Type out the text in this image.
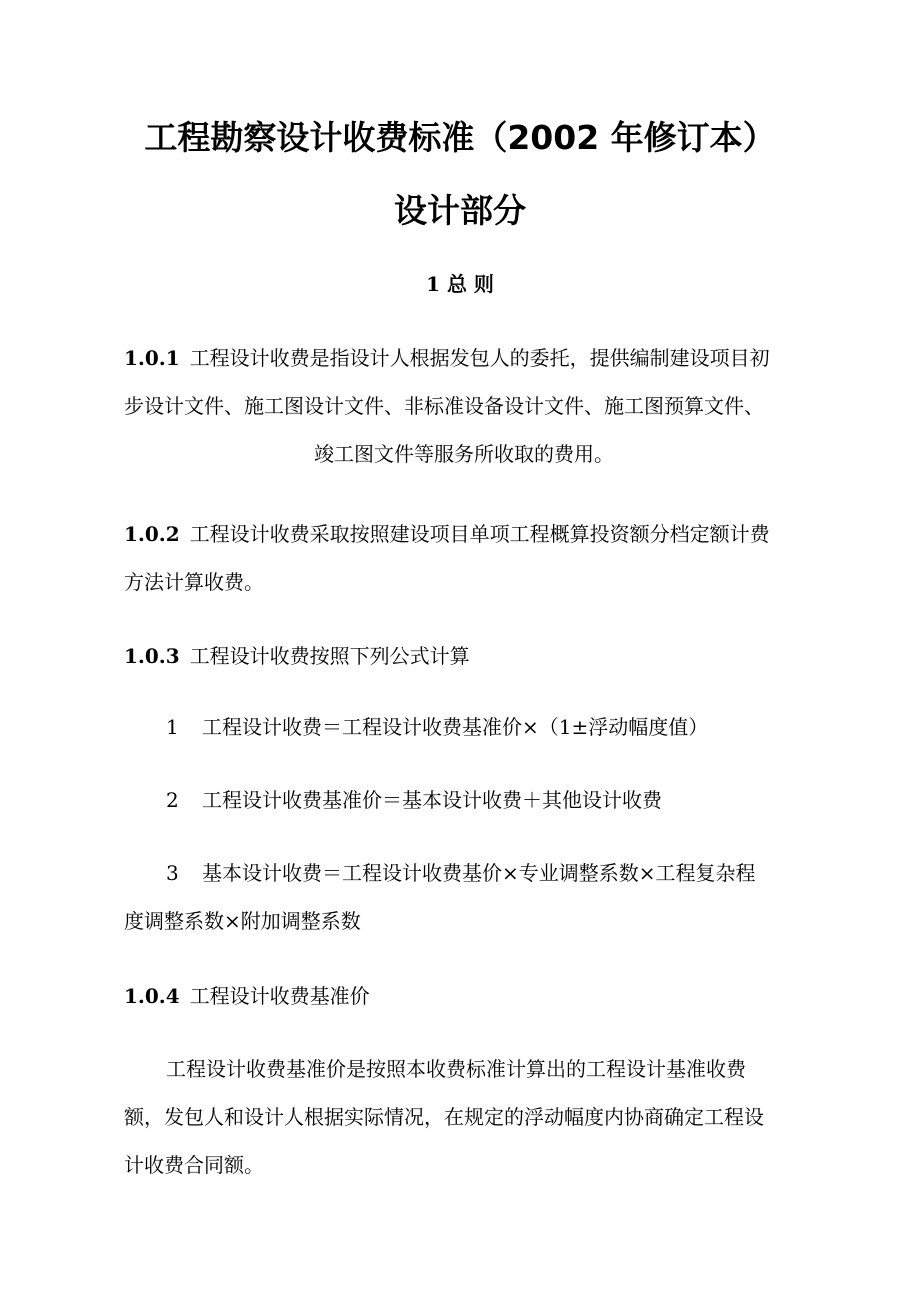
工程勘察设计收费标准（2002 年修订本）
设计部分
1 总 则
1.0.1 工程设计收费是指设计人根据发包人的委托，提供编制建设项目初
步设计文件、施工图设计文件、非标准设备设计文件、施工图预算文件、
竣工图文件等服务所收取的费用。
1.0.2 工程设计收费采取按照建设项目单项工程概算投资额分档定额计费
方法计算收费。
1.0.3 工程设计收费按照下列公式计算
1 工程设计收费＝工程设计收费基准价×（1±浮动幅度值）
2 工程设计收费基准价＝基本设计收费＋其他设计收费
3 基本设计收费＝工程设计收费基价×专业调整系数×工程复杂程
度调整系数×附加调整系数
1.0.4 工程设计收费基准价
工程设计收费基准价是按照本收费标准计算出的工程设计基准收费
额，发包人和设计人根据实际情况，在规定的浮动幅度内协商确定工程设
计收费合同额。
